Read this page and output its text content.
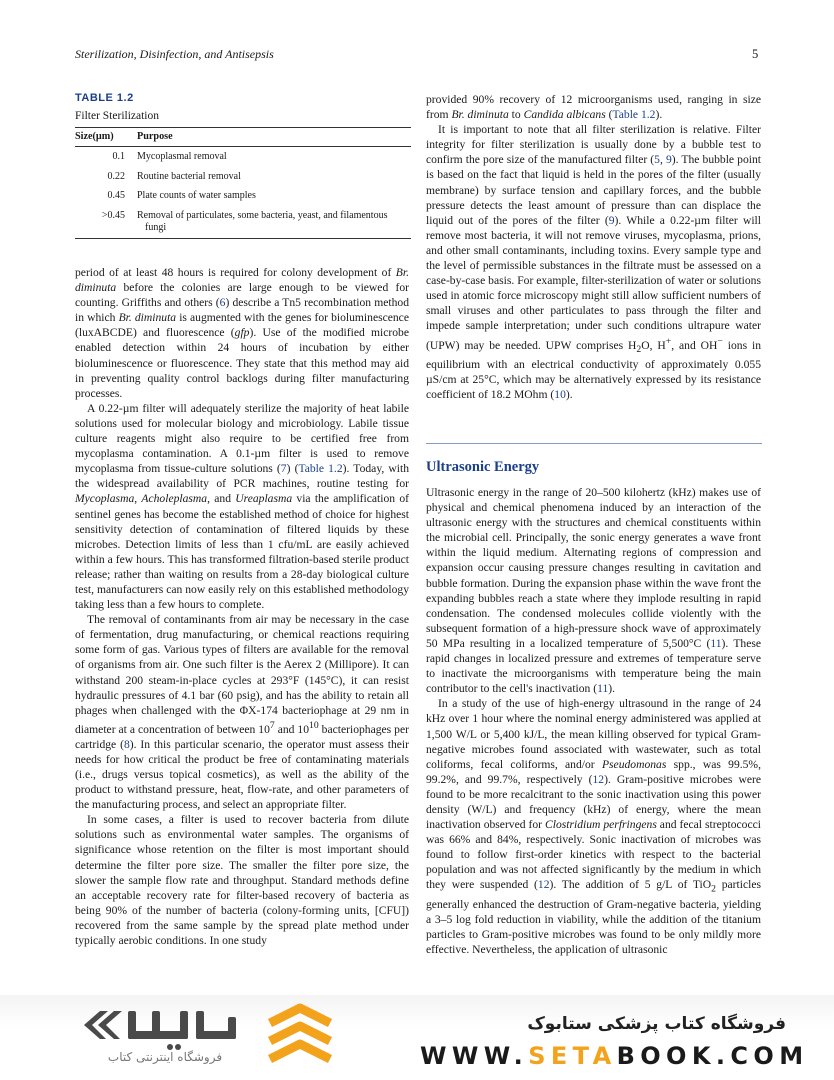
Sterilization, Disinfection, and Antisepsis	5
TABLE 1.2
Filter Sterilization
Size(µm)	Purpose
0.1	Mycoplasmal removal
0.22	Routine bacterial removal
0.45	Plate counts of water samples
>0.45	Removal of particulates, some bacteria, yeast, and filamentous
fungi

period of at least 48 hours is required for colony development of Br. diminuta before the colonies are large enough to be viewed for counting. Griffiths and others (6) describe a Tn5 recombination method in which Br. diminuta is augmented with the genes for bioluminescence (luxABCDE) and fluorescence (gfp). Use of the modified microbe enabled detection within 24 hours of incubation by either bioluminescence or fluorescence. They state that this method may aid in preventing quality control backlogs during filter manufacturing processes.

A 0.22-µm filter will adequately sterilize the majority of heat labile solutions used for molecular biology and microbiology. Labile tissue culture reagents might also require to be certified free from mycoplasma contamination. A 0.1-µm filter is used to remove mycoplasma from tissue-culture solutions (7) (Table 1.2). Today, with the widespread availability of PCR machines, routine testing for Mycoplasma, Acholeplasma, and Ureaplasma via the amplification of sentinel genes has become the established method of choice for highest sensitivity detection of contamination of filtered liquids by these microbes. Detection limits of less than 1 cfu/mL are easily achieved within a few hours. This has transformed filtration-based sterile product release; rather than waiting on results from a 28-day biological culture test, manufacturers can now easily rely on this established methodology taking less than a few hours to complete.

The removal of contaminants from air may be necessary in the case of fermentation, drug manufacturing, or chemical reactions requiring some form of gas. Various types of filters are available for the removal of organisms from air. One such filter is the Aerex 2 (Millipore). It can withstand 200 steam-in-place cycles at 293°F (145°C), it can resist hydraulic pressures of 4.1 bar (60 psig), and has the ability to retain all phages when challenged with the ΦX-174 bacteriophage at 29 nm in diameter at a concentration of between $10^7$ and $10^{10}$ bacteriophages per cartridge (8). In this particular scenario, the operator must assess their needs for how critical the product be free of contaminating materials (i.e., drugs versus topical cosmetics), as well as the ability of the product to withstand pressure, heat, flow-rate, and other parameters of the manufacturing process, and select an appropriate filter.

In some cases, a filter is used to recover bacteria from dilute solutions such as environmental water samples. The organisms of significance whose retention on the filter is most important should determine the filter pore size. The smaller the filter pore size, the slower the sample flow rate and throughput. Standard methods define an acceptable recovery rate for filter-based recovery of bacteria as being 90% of the number of bacteria (colony-forming units, [CFU]) recovered from the same sample by the spread plate method under typically aerobic conditions. In one study

provided 90% recovery of 12 microorganisms used, ranging in size from Br. diminuta to Candida albicans (Table 1.2).

It is important to note that all filter sterilization is relative. Filter integrity for filter sterilization is usually done by a bubble test to confirm the pore size of the manufactured filter (5, 9). The bubble point is based on the fact that liquid is held in the pores of the filter (usually membrane) by surface tension and capillary forces, and the bubble pressure detects the least amount of pressure than can displace the liquid out of the pores of the filter (9). While a 0.22-µm filter will remove most bacteria, it will not remove viruses, mycoplasma, prions, and other small contaminants, including toxins. Every sample type and the level of permissible substances in the filtrate must be assessed on a case-by-case basis. For example, filter-sterilization of water or solutions used in atomic force microscopy might still allow sufficient numbers of small viruses and other particulates to pass through the filter and impede sample interpretation; under such conditions ultrapure water (UPW) may be needed. UPW comprises $H_2O$, H+, and OH− ions in equilibrium with an electrical conductivity of approximately 0.055 µS/cm at 25°C, which may be alternatively expressed by its resistance coefficient of 18.2 MOhm (10).

Ultrasonic Energy

Ultrasonic energy in the range of 20–500 kilohertz (kHz) makes use of physical and chemical phenomena induced by an interaction of the ultrasonic energy with the structures and chemical constituents within the microbial cell. Principally, the sonic energy generates a wave front within the liquid medium. Alternating regions of compression and expansion occur causing pressure changes resulting in cavitation and bubble formation. During the expansion phase within the wave front the expanding bubbles reach a state where they implode resulting in rapid condensation. The condensed molecules collide violently with the subsequent formation of a high-pressure shock wave of approximately 50 MPa resulting in a localized temperature of 5,500°C (11). These rapid changes in localized pressure and extremes of temperature serve to inactivate the microorganisms with temperature being the main contributor to the cell's inactivation (11).

In a study of the use of high-energy ultrasound in the range of 24 kHz over 1 hour where the nominal energy administered was applied at 1,500 W/L or 5,400 kJ/L, the mean killing observed for typical Gram-negative microbes found associated with wastewater, such as total coliforms, fecal coliforms, and/or Pseudomonas spp., was 99.5%, 99.2%, and 99.7%, respectively (12). Gram-positive microbes were found to be more recalcitrant to the sonic inactivation using this power density (W/L) and frequency (kHz) of energy, where the mean inactivation observed for Clostridium perfringens and fecal streptococci was 66% and 84%, respectively. Sonic inactivation of microbes was found to follow first-order kinetics with respect to the bacterial population and was not affected significantly by the medium in which they were suspended (12). The addition of 5 g/L of TiO$_2$ particles generally enhanced the destruction of Gram-negative bacteria, yielding a 3–5 log fold reduction in viability, while the addition of the titanium particles to Gram-positive microbes was found to be only mildly more effective. Nevertheless, the application of ultrasonic

فروشگاه اینترنتی کتاب
فروشگاه کتاب پزشکی ستابوک
WWW.SETABOOK.COM
